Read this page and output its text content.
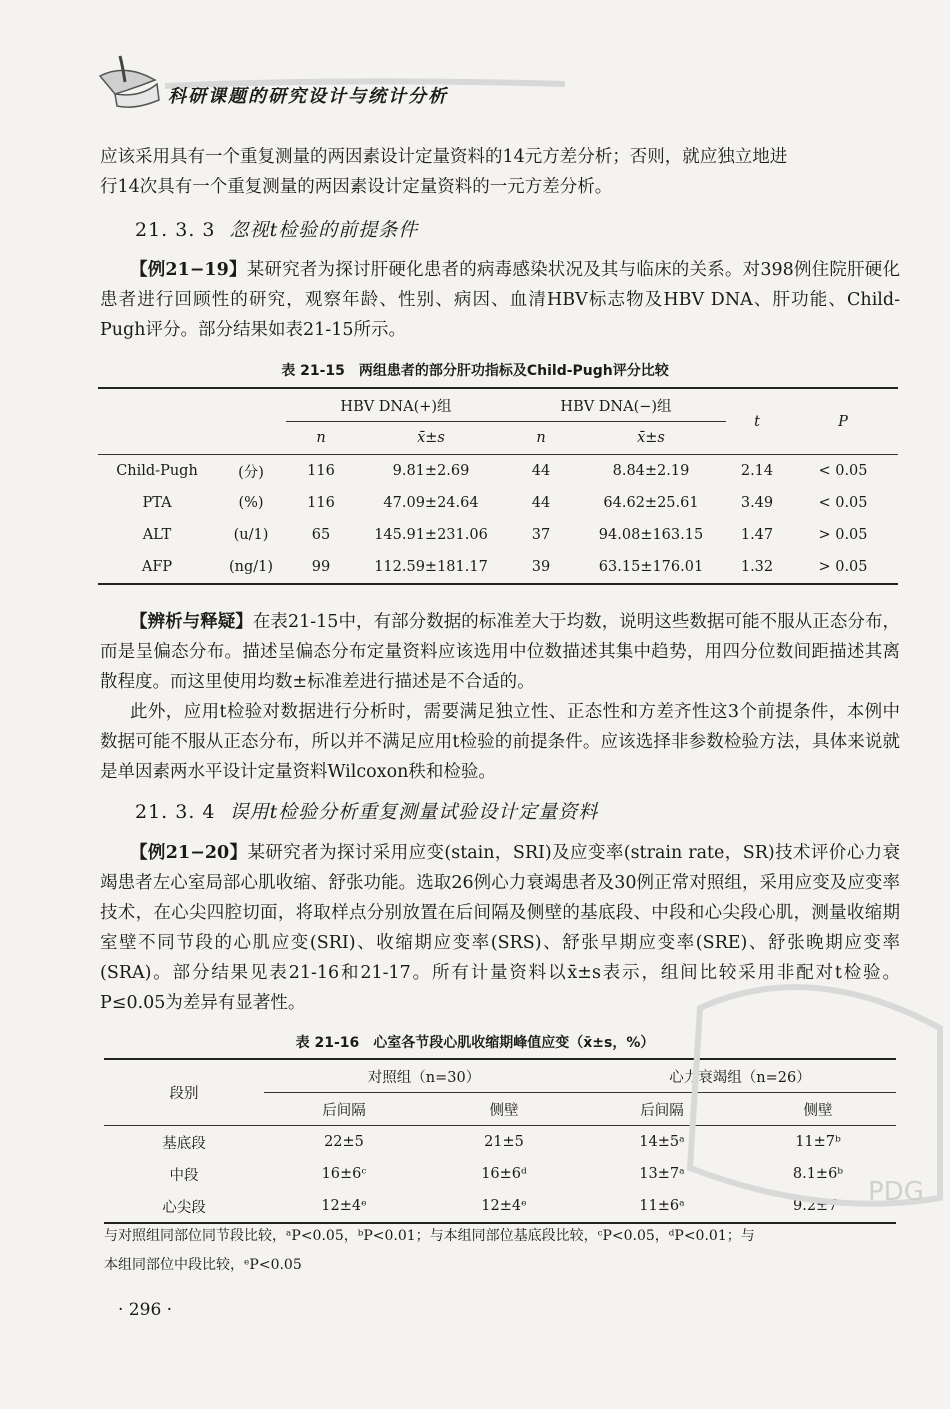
科研课题的研究设计与统计分析
应该采用具有一个重复测量的两因素设计定量资料的14元方差分析；否则，就应独立地进
行14次具有一个重复测量的两因素设计定量资料的一元方差分析。
21. 3. 3 忽视t检验的前提条件
【例21−19】某研究者为探讨肝硬化患者的病毒感染状况及其与临床的关系。对398例住院肝硬化患者进行回顾性的研究，观察年龄、性别、病因、血清HBV标志物及HBV DNA、肝功能、Child-Pugh评分。部分结果如表21-15所示。
表 21-15　两组患者的部分肝功指标及Child-Pugh评分比较
		HBV DNA(+)组		HBV DNA(−)组		t	P
		n	x̄±s	n	x̄±s		
Child-Pugh	(分)	116	9.81±2.69	44	8.84±2.19	2.14	< 0.05
PTA	(%)	116	47.09±24.64	44	64.62±25.61	3.49	< 0.05
ALT	(u/1)	65	145.91±231.06	37	94.08±163.15	1.47	> 0.05
AFP	(ng/1)	99	112.59±181.17	39	63.15±176.01	1.32	> 0.05
【辨析与释疑】在表21-15中，有部分数据的标准差大于均数，说明这些数据可能不服从正态分布，而是呈偏态分布。描述呈偏态分布定量资料应该选用中位数描述其集中趋势，用四分位数间距描述其离散程度。而这里使用均数±标准差进行描述是不合适的。
此外，应用t检验对数据进行分析时，需要满足独立性、正态性和方差齐性这3个前提条件，本例中数据可能不服从正态分布，所以并不满足应用t检验的前提条件。应该选择非参数检验方法，具体来说就是单因素两水平设计定量资料Wilcoxon秩和检验。
21. 3. 4 误用t检验分析重复测量试验设计定量资料
【例21−20】某研究者为探讨采用应变(stain，SRI)及应变率(strain rate，SR)技术评价心力衰竭患者左心室局部心肌收缩、舒张功能。选取26例心力衰竭患者及30例正常对照组，采用应变及应变率技术，在心尖四腔切面，将取样点分别放置在后间隔及侧壁的基底段、中段和心尖段心肌，测量收缩期室壁不同节段的心肌应变(SRI)、收缩期应变率(SRS)、舒张早期应变率(SRE)、舒张晚期应变率(SRA)。部分结果见表21-16和21-17。所有计量资料以x̄±s表示，组间比较采用非配对t检验。P≤0.05为差异有显著性。
表 21-16　心室各节段心肌收缩期峰值应变（x̄±s，%）
段别	对照组（n=30）		心力衰竭组（n=26）	
	后间隔	侧壁	后间隔	侧壁
基底段	22±5	21±5	14±5ᵃ	11±7ᵇ
中段	16±6ᶜ	16±6ᵈ	13±7ᵃ	8.1±6ᵇ
心尖段	12±4ᵉ	12±4ᵉ	11±6ᵃ	9.2±7ᵃ
与对照组同部位同节段比较，ᵃP<0.05，ᵇP<0.01；与本组同部位基底段比较，ᶜP<0.05，ᵈP<0.01；与
本组同部位中段比较，ᵉP<0.05
· 296 ·
PDG
